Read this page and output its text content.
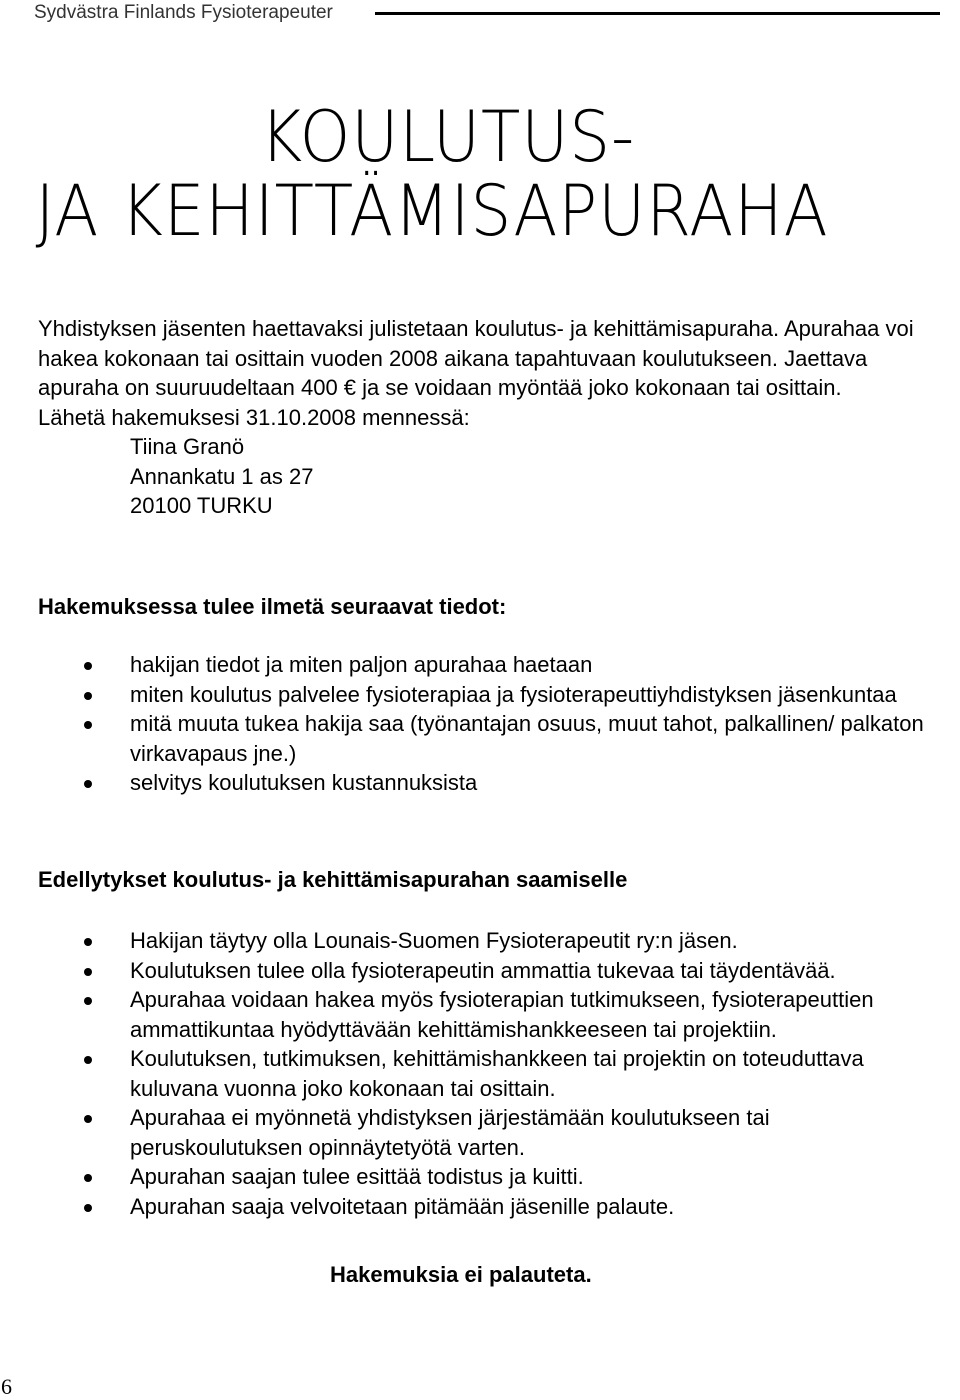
Sydvästra Finlands Fysioterapeuter
KOULUTUS-
JA KEHITTÄMISAPURAHA

Yhdistyksen jäsenten haettavaksi julistetaan koulutus- ja kehittämisapuraha. Apurahaa voi hakea kokonaan tai osittain vuoden 2008 aikana tapahtuvaan koulutukseen. Jaettava apuraha on suuruudeltaan 400 € ja se voidaan myöntää joko kokonaan tai osittain.

Lähetä hakemuksesi 31.10.2008 mennessä:

Tiina Granö
Annankatu 1 as 27
20100 TURKU

Hakemuksessa tulee ilmetä seuraavat tiedot:

hakijan tiedot ja miten paljon apurahaa haetaan
miten koulutus palvelee fysioterapiaa ja fysioterapeuttiyhdistyksen jäsenkuntaa
mitä muuta tukea hakija saa (työnantajan osuus, muut tahot, palkallinen/ palkaton virkavapaus jne.)
selvitys koulutuksen kustannuksista

Edellytykset koulutus- ja kehittämisapurahan saamiselle

Hakijan täytyy olla Lounais-Suomen Fysioterapeutit ry:n jäsen.
Koulutuksen tulee olla fysioterapeutin ammattia tukevaa tai täydentävää.
Apurahaa voidaan hakea myös fysioterapian tutkimukseen, fysioterapeuttien ammattikuntaa hyödyttävään kehittämishankkeeseen tai projektiin.
Koulutuksen, tutkimuksen, kehittämishankkeen tai projektin on toteuduttava kuluvana vuonna joko kokonaan tai osittain.
Apurahaa ei myönnetä yhdistyksen järjestämään koulutukseen tai peruskoulutuksen opinnäytetyötä varten.
Apurahan saajan tulee esittää todistus ja kuitti.
Apurahan saaja velvoitetaan pitämään jäsenille palaute.
Hakemuksia ei palauteta.
6
